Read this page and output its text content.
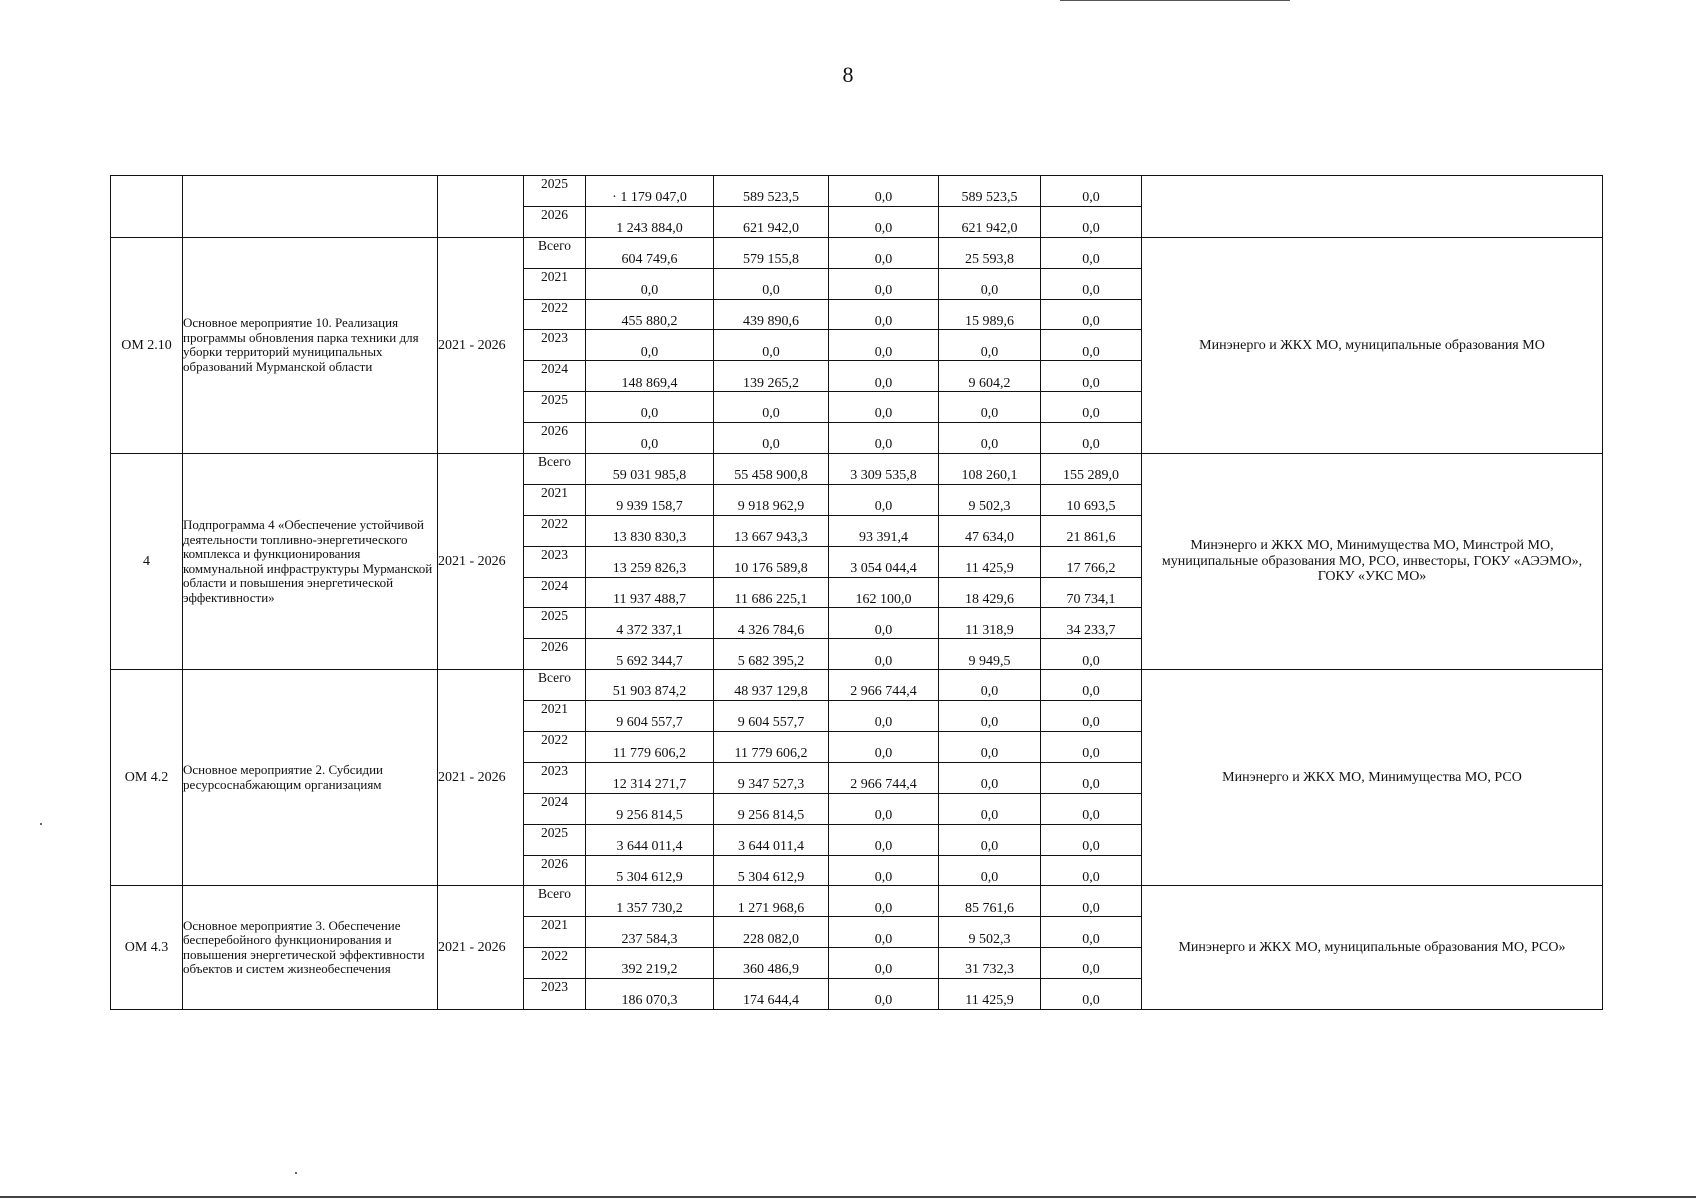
8
			2025	· 1 179 047,0	589 523,5	0,0	589 523,5	0,0	
			2026	1 243 884,0	621 942,0	0,0	621 942,0	0,0	
ОМ 2.10	Основное мероприятие 10. Реализация программы обновления парка техники для уборки территорий муниципальных образований Мурманской области	2021 - 2026	Всего	604 749,6	579 155,8	0,0	25 593,8	0,0	Минэнерго и ЖКХ МО, муниципальные образования МО
			2021	0,0	0,0	0,0	0,0	0,0	
			2022	455 880,2	439 890,6	0,0	15 989,6	0,0	
			2023	0,0	0,0	0,0	0,0	0,0	
			2024	148 869,4	139 265,2	0,0	9 604,2	0,0	
			2025	0,0	0,0	0,0	0,0	0,0	
			2026	0,0	0,0	0,0	0,0	0,0	
4	Подпрограмма 4 «Обеспечение устойчивой деятельности топливно-энергетического комплекса и функционирования коммунальной инфраструктуры Мурманской области и повышения энергетической эффективности»	2021 - 2026	Всего	59 031 985,8	55 458 900,8	3 309 535,8	108 260,1	155 289,0	Минэнерго и ЖКХ МО, Минимущества МО, Минстрой МО, муниципальные образования МО, РСО, инвесторы, ГОКУ «АЭЭМО», ГОКУ «УКС МО»
			2021	9 939 158,7	9 918 962,9	0,0	9 502,3	10 693,5	
			2022	13 830 830,3	13 667 943,3	93 391,4	47 634,0	21 861,6	
			2023	13 259 826,3	10 176 589,8	3 054 044,4	11 425,9	17 766,2	
			2024	11 937 488,7	11 686 225,1	162 100,0	18 429,6	70 734,1	
			2025	4 372 337,1	4 326 784,6	0,0	11 318,9	34 233,7	
			2026	5 692 344,7	5 682 395,2	0,0	9 949,5	0,0	
ОМ 4.2	Основное мероприятие 2. Субсидии ресурсоснабжающим организациям	2021 - 2026	Всего	51 903 874,2	48 937 129,8	2 966 744,4	0,0	0,0	Минэнерго и ЖКХ МО, Минимущества МО, РСО
			2021	9 604 557,7	9 604 557,7	0,0	0,0	0,0	
			2022	11 779 606,2	11 779 606,2	0,0	0,0	0,0	
			2023	12 314 271,7	9 347 527,3	2 966 744,4	0,0	0,0	
			2024	9 256 814,5	9 256 814,5	0,0	0,0	0,0	
			2025	3 644 011,4	3 644 011,4	0,0	0,0	0,0	
			2026	5 304 612,9	5 304 612,9	0,0	0,0	0,0	
ОМ 4.3	Основное мероприятие 3. Обеспечение бесперебойного функционирования и повышения энергетической эффективности объектов и систем жизнеобеспечения	2021 - 2026	Всего	1 357 730,2	1 271 968,6	0,0	85 761,6	0,0	Минэнерго и ЖКХ МО, муниципальные образования МО, РСО»
			2021	237 584,3	228 082,0	0,0	9 502,3	0,0	
			2022	392 219,2	360 486,9	0,0	31 732,3	0,0	
			2023	186 070,3	174 644,4	0,0	11 425,9	0,0	
